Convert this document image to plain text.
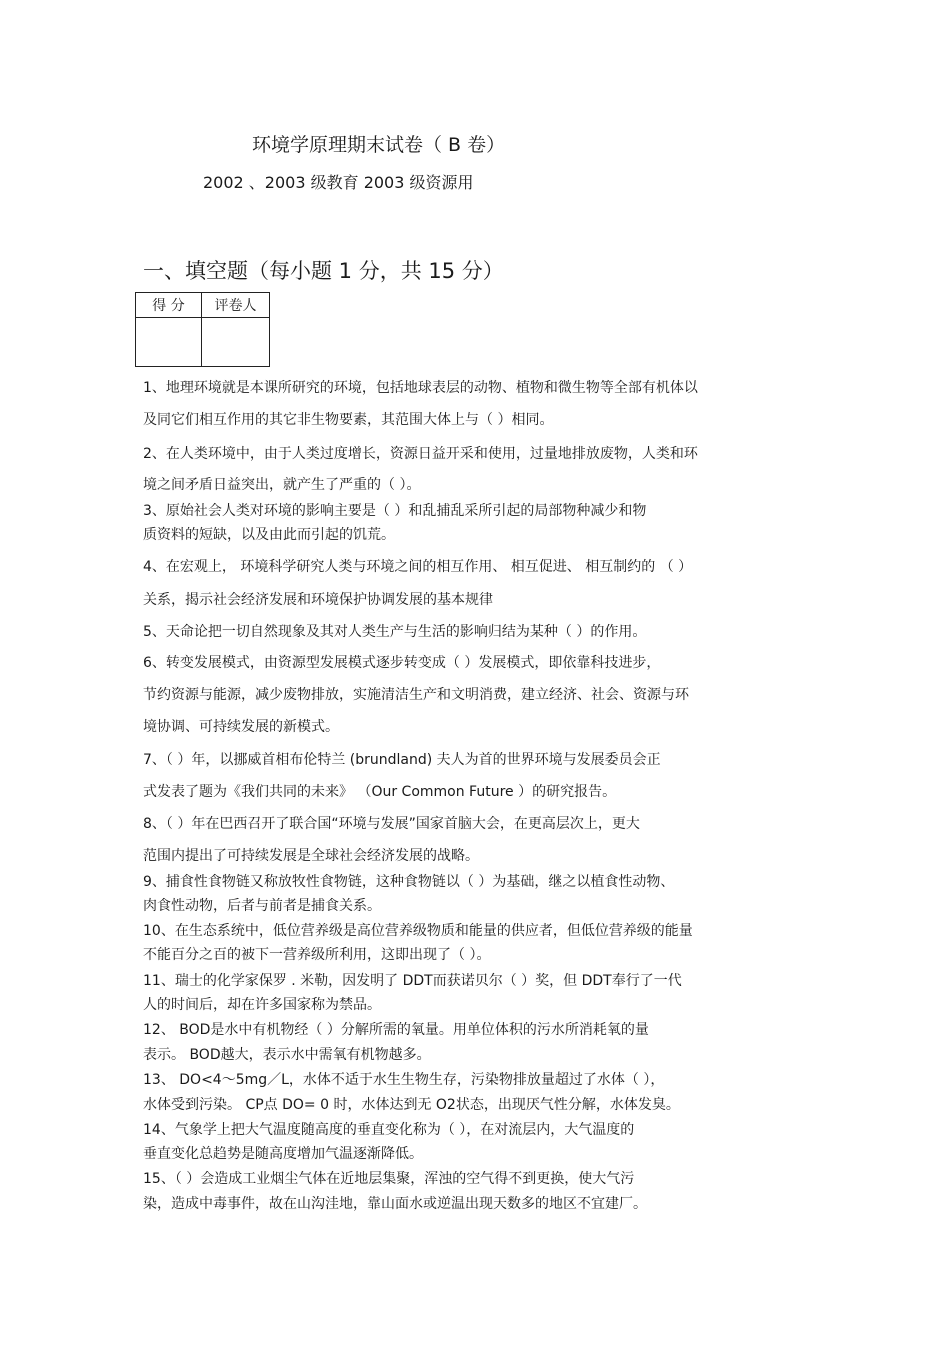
环境学原理期末试卷（ B 卷）
2002 、2003 级教育 2003 级资源用
一、填空题（每小题 1 分，共 15 分）
得 分	评卷人

1、地理环境就是本课所研究的环境，包括地球表层的动物、植物和微生物等全部有机体以
及同它们相互作用的其它非生物要素，其范围大体上与（ ）相同。
2、在人类环境中，由于人类过度增长，资源日益开采和使用，过量地排放废物，人类和环
境之间矛盾日益突出，就产生了严重的（ ）。
3、原始社会人类对环境的影响主要是（ ）和乱捕乱采所引起的局部物种减少和物
质资料的短缺，以及由此而引起的饥荒。
4、在宏观上， 环境科学研究人类与环境之间的相互作用、 相互促进、 相互制约的 （ ）
关系，揭示社会经济发展和环境保护协调发展的基本规律
5、天命论把一切自然现象及其对人类生产与生活的影响归结为某种（ ）的作用。
6、转变发展模式，由资源型发展模式逐步转变成（ ）发展模式，即依靠科技进步，
节约资源与能源，减少废物排放，实施清洁生产和文明消费，建立经济、社会、资源与环
境协调、可持续发展的新模式。
7、（ ）年，以挪威首相布伦特兰 (brundland) 夫人为首的世界环境与发展委员会正
式发表了题为《我们共同的未来》 （Our Common Future ）的研究报告。
8、（ ）年在巴西召开了联合国“环境与发展”国家首脑大会，在更高层次上，更大
范围内提出了可持续发展是全球社会经济发展的战略。
9、捕食性食物链又称放牧性食物链，这种食物链以（ ）为基础，继之以植食性动物、
肉食性动物，后者与前者是捕食关系。
10、在生态系统中，低位营养级是高位营养级物质和能量的供应者，但低位营养级的能量
不能百分之百的被下一营养级所利用，这即出现了（ ）。
11、瑞士的化学家保罗 . 米勒，因发明了 DDT而获诺贝尔（ ）奖，但 DDT奉行了一代
人的时间后，却在许多国家称为禁品。
12、 BOD是水中有机物经（ ）分解所需的氧量。用单位体积的污水所消耗氧的量
表示。 BOD越大，表示水中需氧有机物越多。
13、 DO<4～5mg／L，水体不适于水生生物生存，污染物排放量超过了水体（ ），
水体受到污染。 CP点 DO= 0 时，水体达到无 O2状态，出现厌气性分解，水体发臭。
14、气象学上把大气温度随高度的垂直变化称为（ ），在对流层内，大气温度的
垂直变化总趋势是随高度增加气温逐渐降低。
15、（ ）会造成工业烟尘气体在近地层集聚，浑浊的空气得不到更换，使大气污
染，造成中毒事件，故在山沟洼地，靠山面水或逆温出现天数多的地区不宜建厂。
